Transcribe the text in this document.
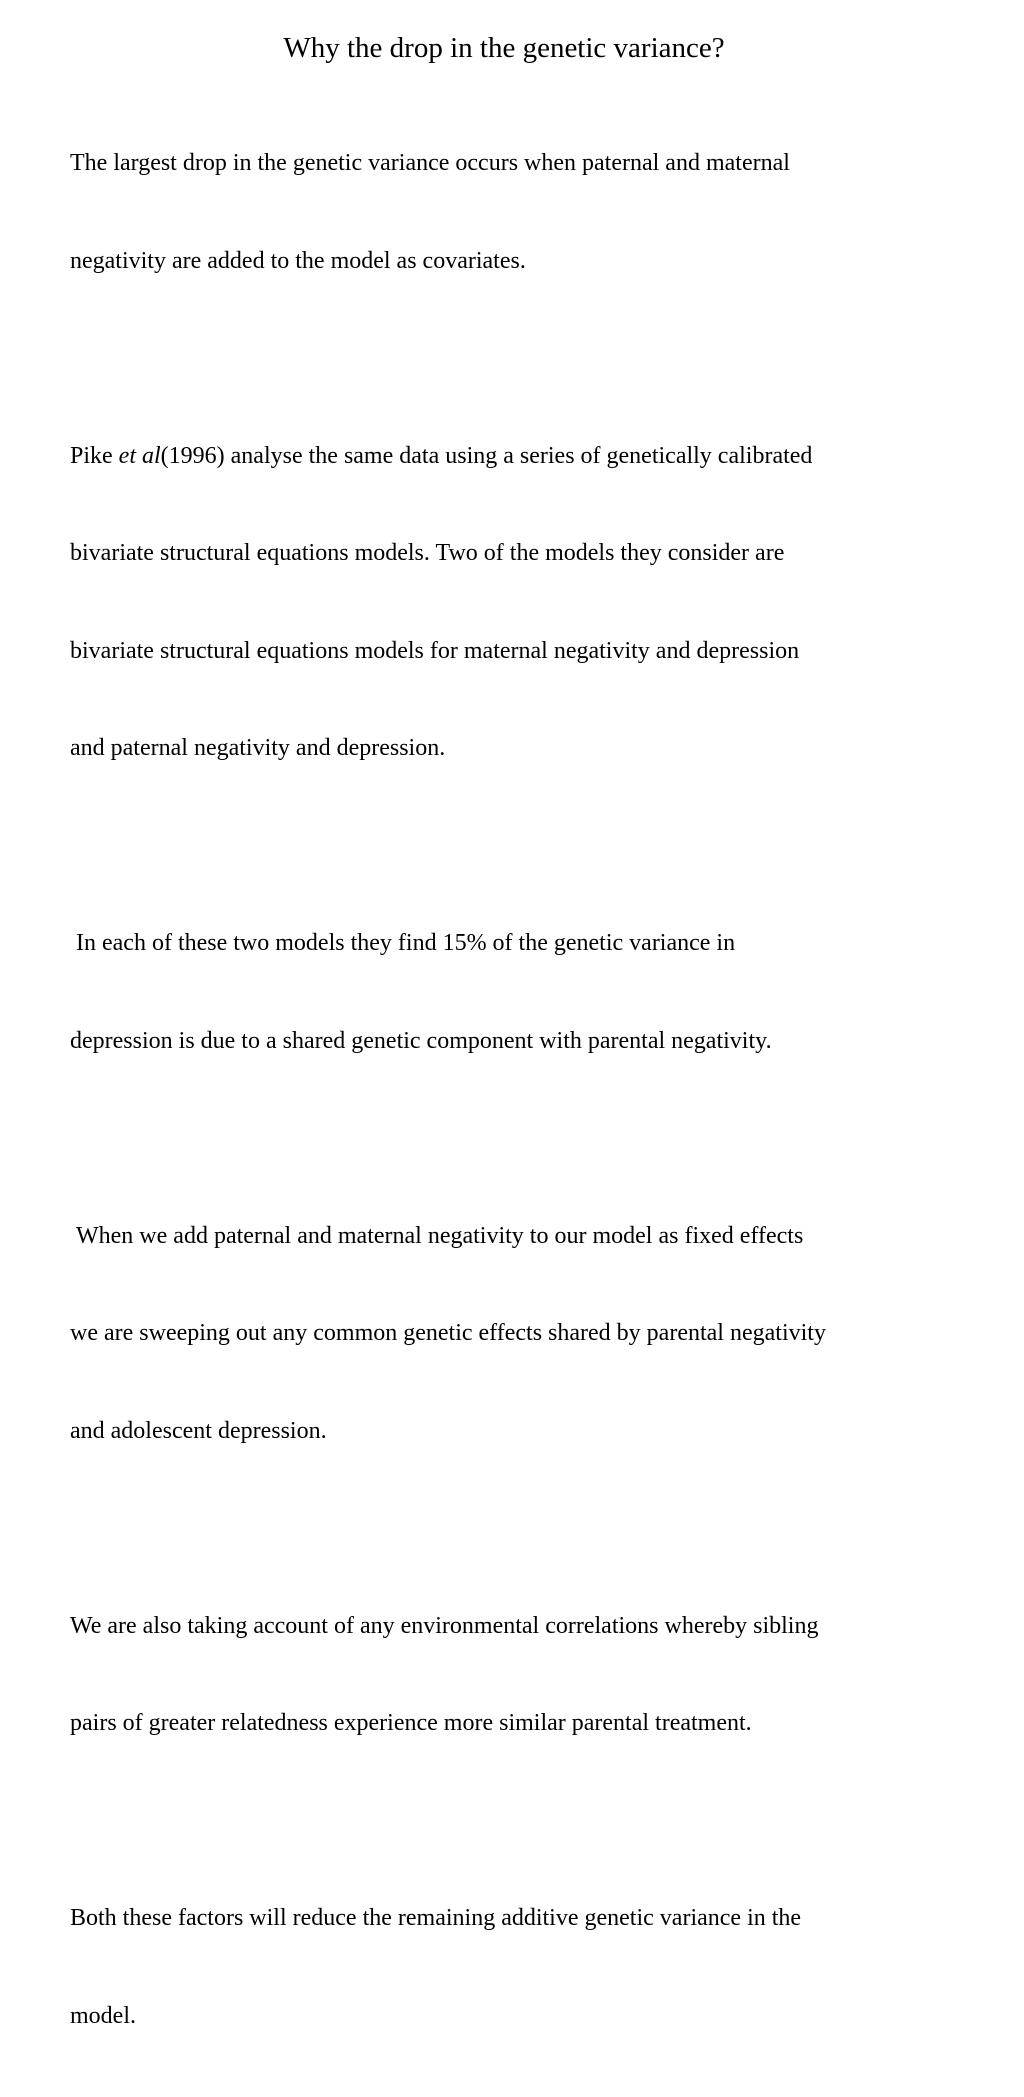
Why the drop in the genetic variance?

The largest drop in the genetic variance occurs when paternal and maternal

negativity are added to the model as covariates.

Pike et al(1996) analyse the same data using a series of genetically calibrated

bivariate structural equations models. Two of the models they consider are

bivariate structural equations models for maternal negativity and depression

and paternal negativity and depression.

In each of these two models they find 15% of the genetic variance in

depression is due to a shared genetic component with parental negativity.

When we add paternal and maternal negativity to our model as fixed effects

we are sweeping out any common genetic effects shared by parental negativity

and adolescent depression.

We are also taking account of any environmental correlations whereby sibling

pairs of greater relatedness experience more similar parental treatment.

Both these factors will reduce the remaining additive genetic variance in the

model.
